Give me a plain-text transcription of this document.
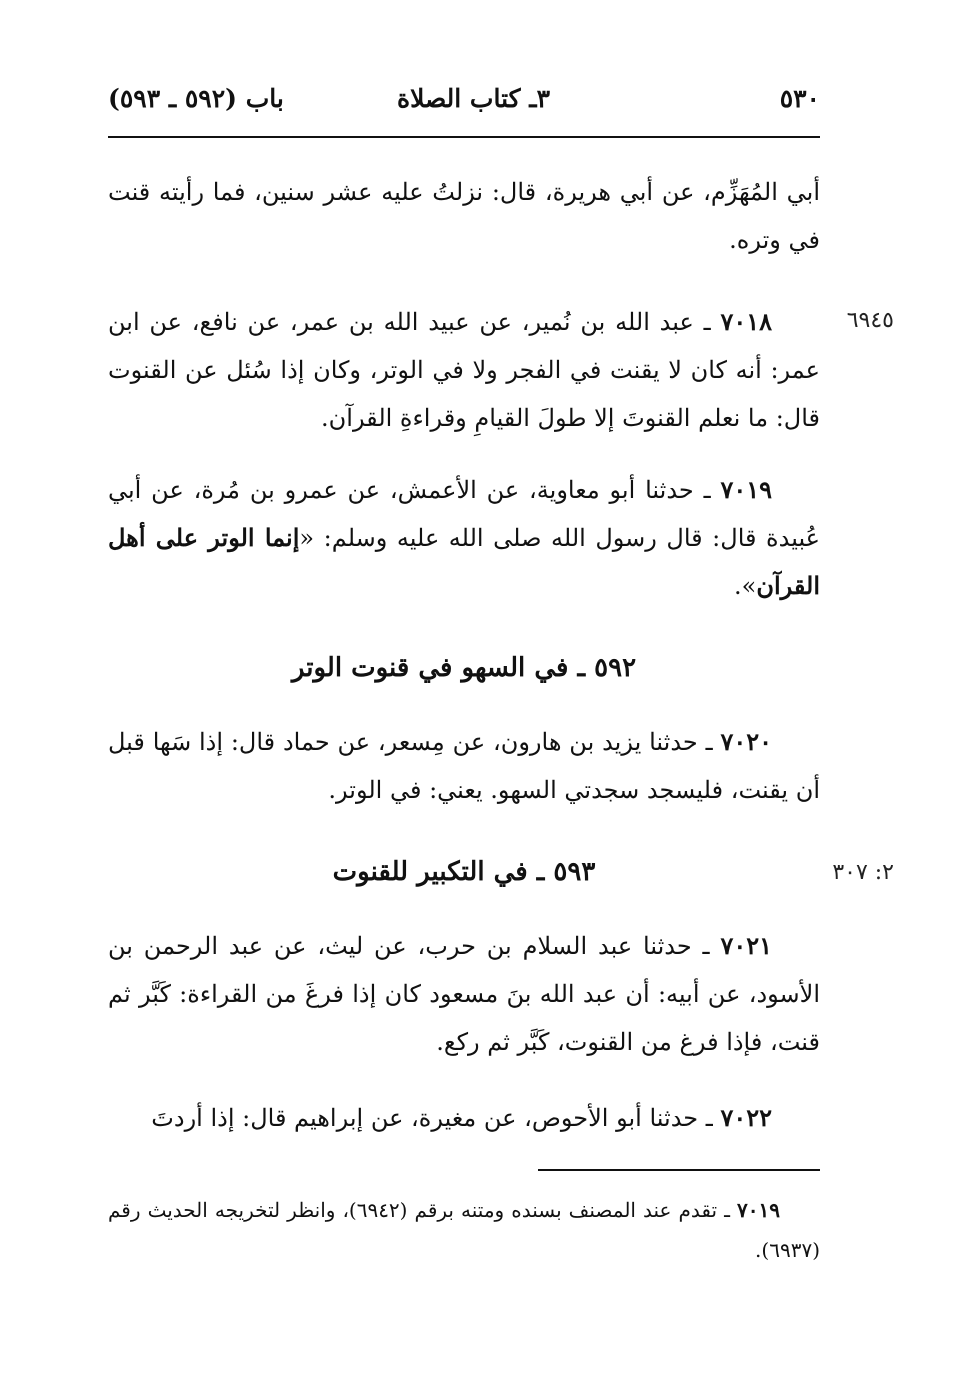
٥٣٠
٣ـ كتاب الصلاة
باب (٥٩٢ ـ ٥٩٣)
أبي المُهَزِّم، عن أبي هريرة، قال: نزلتُ عليه عشر سنين، فما رأيته قنت في وتره.
٦٩٤٥
٧٠١٨ ـ عبد الله بن نُمير، عن عبيد الله بن عمر، عن نافع، عن ابن عمر: أنه كان لا يقنت في الفجر ولا في الوتر، وكان إذا سُئل عن القنوت قال: ما نعلم القنوتَ إلا طولَ القيامِ وقراءةِ القرآن.
٧٠١٩ ـ حدثنا أبو معاوية، عن الأعمش، عن عمرو بن مُرة، عن أبي عُبيدة قال: قال رسول الله صلى الله عليه وسلم: «إنما الوتر على أهل القرآن».
٥٩٢ ـ في السهو في قنوت الوتر
٧٠٢٠ ـ حدثنا يزيد بن هارون، عن مِسعر، عن حماد قال: إذا سَها قبل أن يقنت، فليسجد سجدتي السهو. يعني: في الوتر.
٢: ٣٠٧
٥٩٣ ـ في التكبير للقنوت
٧٠٢١ ـ حدثنا عبد السلام بن حرب، عن ليث، عن عبد الرحمن بن الأسود، عن أبيه: أن عبد الله بنَ مسعود كان إذا فرغَ من القراءة: كَبَّر ثم قنت، فإذا فرغ من القنوت، كَبَّر ثم ركع.
٧٠٢٢ ـ حدثنا أبو الأحوص، عن مغيرة، عن إبراهيم قال: إذا أردتَ
٧٠١٩ ـ تقدم عند المصنف بسنده ومتنه برقم (٦٩٤٢)، وانظر لتخريجه الحديث رقم (٦٩٣٧).
